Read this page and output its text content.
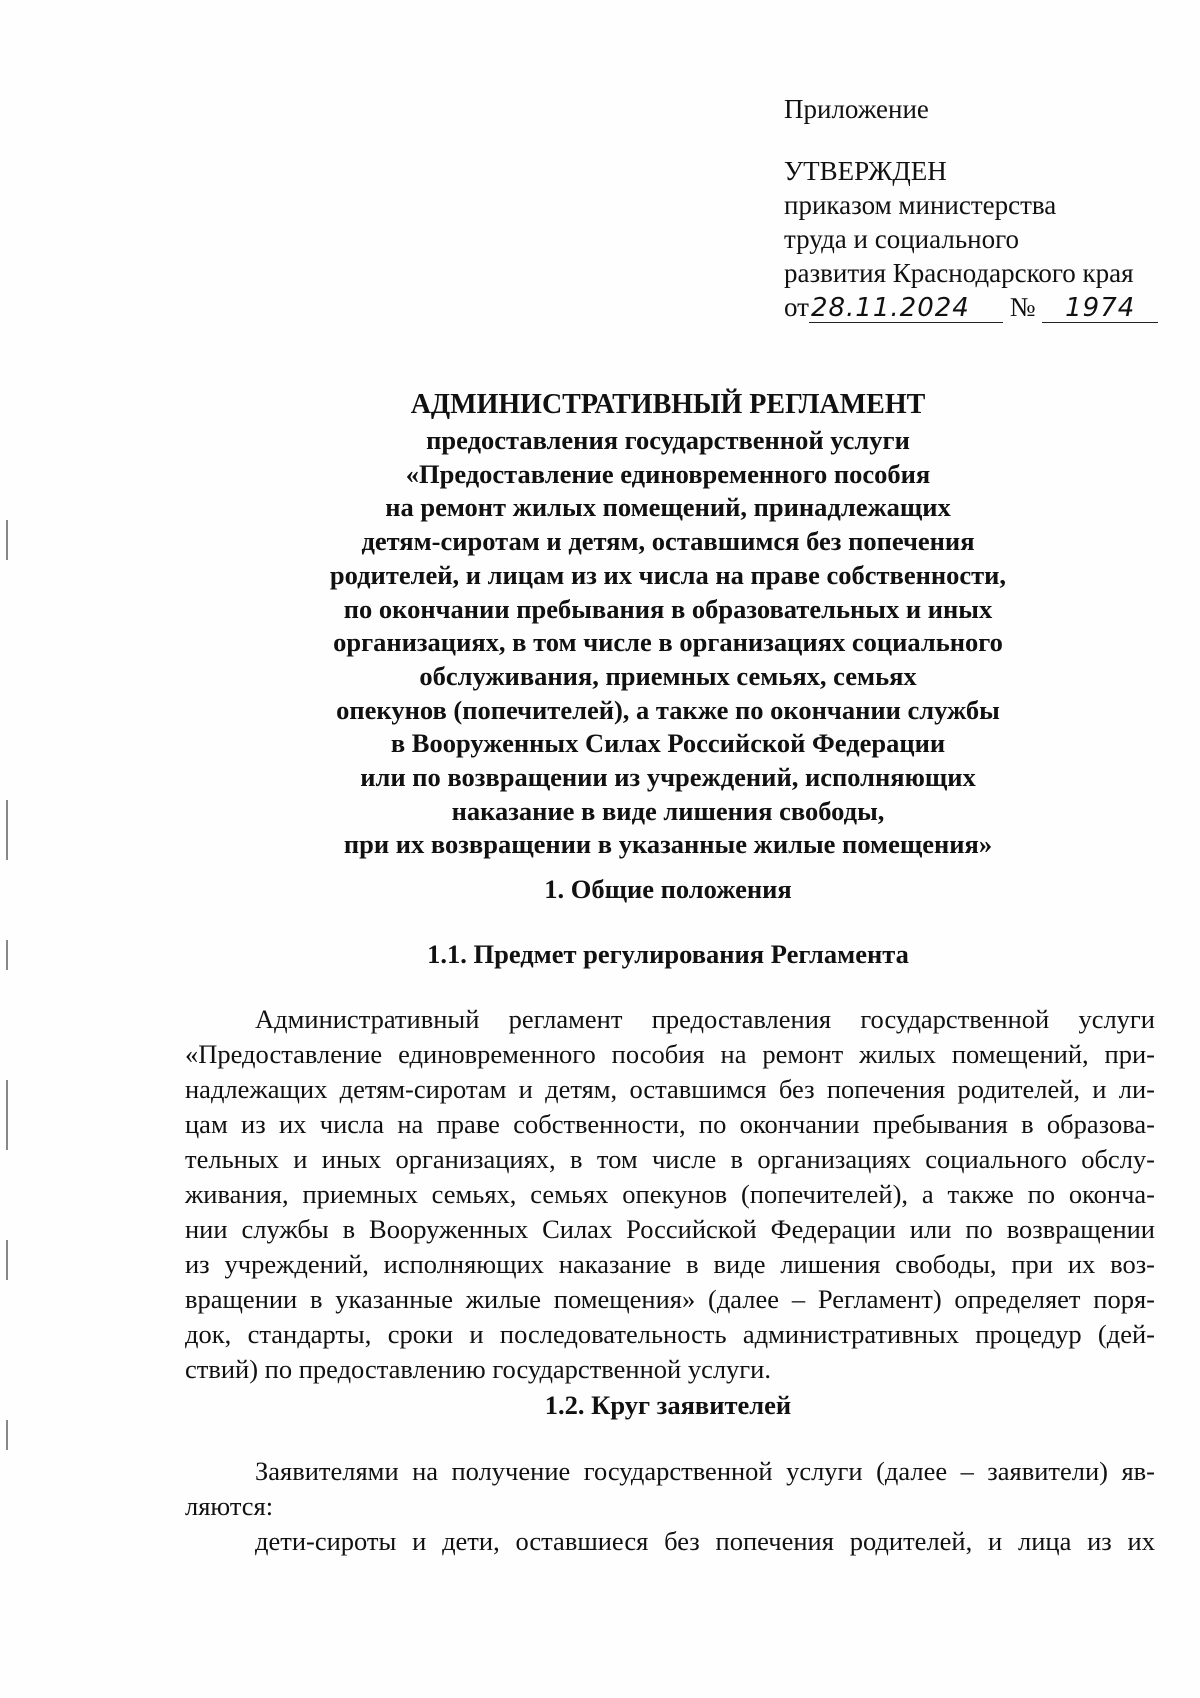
Приложение
УТВЕРЖДЕН
приказом министерства
труда и социального
развития Краснодарского края
от28.11.2024 № 1974
АДМИНИСТРАТИВНЫЙ РЕГЛАМЕНТ
предоставления государственной услуги
«Предоставление единовременного пособия
на ремонт жилых помещений, принадлежащих
детям-сиротам и детям, оставшимся без попечения
родителей, и лицам из их числа на праве собственности,
по окончании пребывания в образовательных и иных
организациях, в том числе в организациях социального
обслуживания, приемных семьях, семьях
опекунов (попечителей), а также по окончании службы
в Вооруженных Силах Российской Федерации
или по возвращении из учреждений, исполняющих
наказание в виде лишения свободы,
при их возвращении в указанные жилые помещения»
1. Общие положения
1.1. Предмет регулирования Регламента
Административный регламент предоставления государственной услуги
«Предоставление единовременного пособия на ремонт жилых помещений, при-
надлежащих детям-сиротам и детям, оставшимся без попечения родителей, и ли-
цам из их числа на праве собственности, по окончании пребывания в образова-
тельных и иных организациях, в том числе в организациях социального обслу-
живания, приемных семьях, семьях опекунов (попечителей), а также по оконча-
нии службы в Вооруженных Силах Российской Федерации или по возвращении
из учреждений, исполняющих наказание в виде лишения свободы, при их воз-
вращении в указанные жилые помещения» (далее – Регламент) определяет поря-
док, стандарты, сроки и последовательность административных процедур (дей-
ствий) по предоставлению государственной услуги.
1.2. Круг заявителей
Заявителями на получение государственной услуги (далее – заявители) яв-
ляются:
дети-сироты и дети, оставшиеся без попечения родителей, и лица из их
